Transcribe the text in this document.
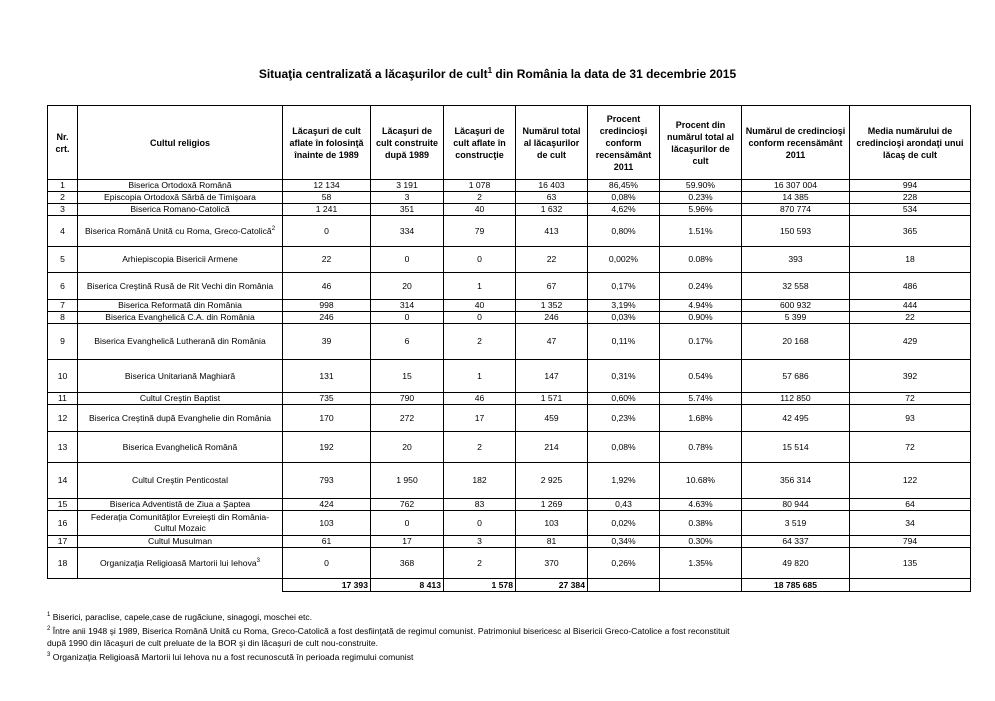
Situaţia centralizată a lăcaşurilor de cult$^1$ din România la data de 31 decembrie 2015
Nr. crt.	Cultul religios	Lăcaşuri de cult aflate în folosinţă înainte de 1989	Lăcaşuri de cult construite după 1989	Lăcaşuri de cult aflate în construcţie	Numărul total al lăcaşurilor de cult	Procent credincioşi conform recensământ 2011	Procent din numărul total al lăcaşurilor de cult	Numărul de credincioşi conform recensământ 2011	Media numărului de credincioşi arondaţi unui lăcaş de cult
1	Biserica Ortodoxă Română	12 134	3 191	1 078	16 403	86,45%	59.90%	16 307 004	994
2	Episcopia Ortodoxă Sârbă de Timişoara	58	3	2	63	0,08%	0.23%	14 385	228
3	Biserica Romano-Catolică	1 241	351	40	1 632	4,62%	5.96%	870 774	534
4	Biserica Română Unită cu Roma, Greco-Catolică$^2$	0	334	79	413	0,80%	1.51%	150 593	365
5	Arhiepiscopia Bisericii Armene	22	0	0	22	0,002%	0.08%	393	18
6	Biserica Creştină Rusă de Rit Vechi din România	46	20	1	67	0,17%	0.24%	32 558	486
7	Biserica Reformată din România	998	314	40	1 352	3,19%	4.94%	600 932	444
8	Biserica Evanghelică C.A. din România	246	0	0	246	0,03%	0.90%	5 399	22
9	Biserica Evanghelică Lutherană din România	39	6	2	47	0,11%	0.17%	20 168	429
10	Biserica Unitariană Maghiară	131	15	1	147	0,31%	0.54%	57 686	392
11	Cultul Creştin Baptist	735	790	46	1 571	0,60%	5.74%	112 850	72
12	Biserica Creştină după Evanghelie din România	170	272	17	459	0,23%	1.68%	42 495	93
13	Biserica Evanghelică Română	192	20	2	214	0,08%	0.78%	15 514	72
14	Cultul Creştin Penticostal	793	1 950	182	2 925	1,92%	10.68%	356 314	122
15	Biserica Adventistă de Ziua a Şaptea	424	762	83	1 269	0,43	4.63%	80 944	64
16	Federaţia Comunităţilor Evreieşti din România-Cultul Mozaic	103	0	0	103	0,02%	0.38%	3 519	34
17	Cultul Musulman	61	17	3	81	0,34%	0.30%	64 337	794
18	Organizaţia Religioasă Martorii lui Iehova$^3$	0	368	2	370	0,26%	1.35%	49 820	135
		17 393	8 413	1 578	27 384			18 785 685	
$^1$ Biserici, paraclise, capele,case de rugăciune, sinagogi, moschei etc.
$^2$ Între anii 1948 şi 1989, Biserica Română Unită cu Roma, Greco-Catolică a fost desfiinţată de regimul comunist. Patrimoniul bisericesc al Bisericii Greco-Catolice a fost reconstituit
după 1990 din lăcaşuri de cult preluate de la BOR şi din lăcaşuri de cult nou-construite.
$^3$ Organizaţia Religioasă Martorii lui Iehova nu a fost recunoscută în perioada regimului comunist
